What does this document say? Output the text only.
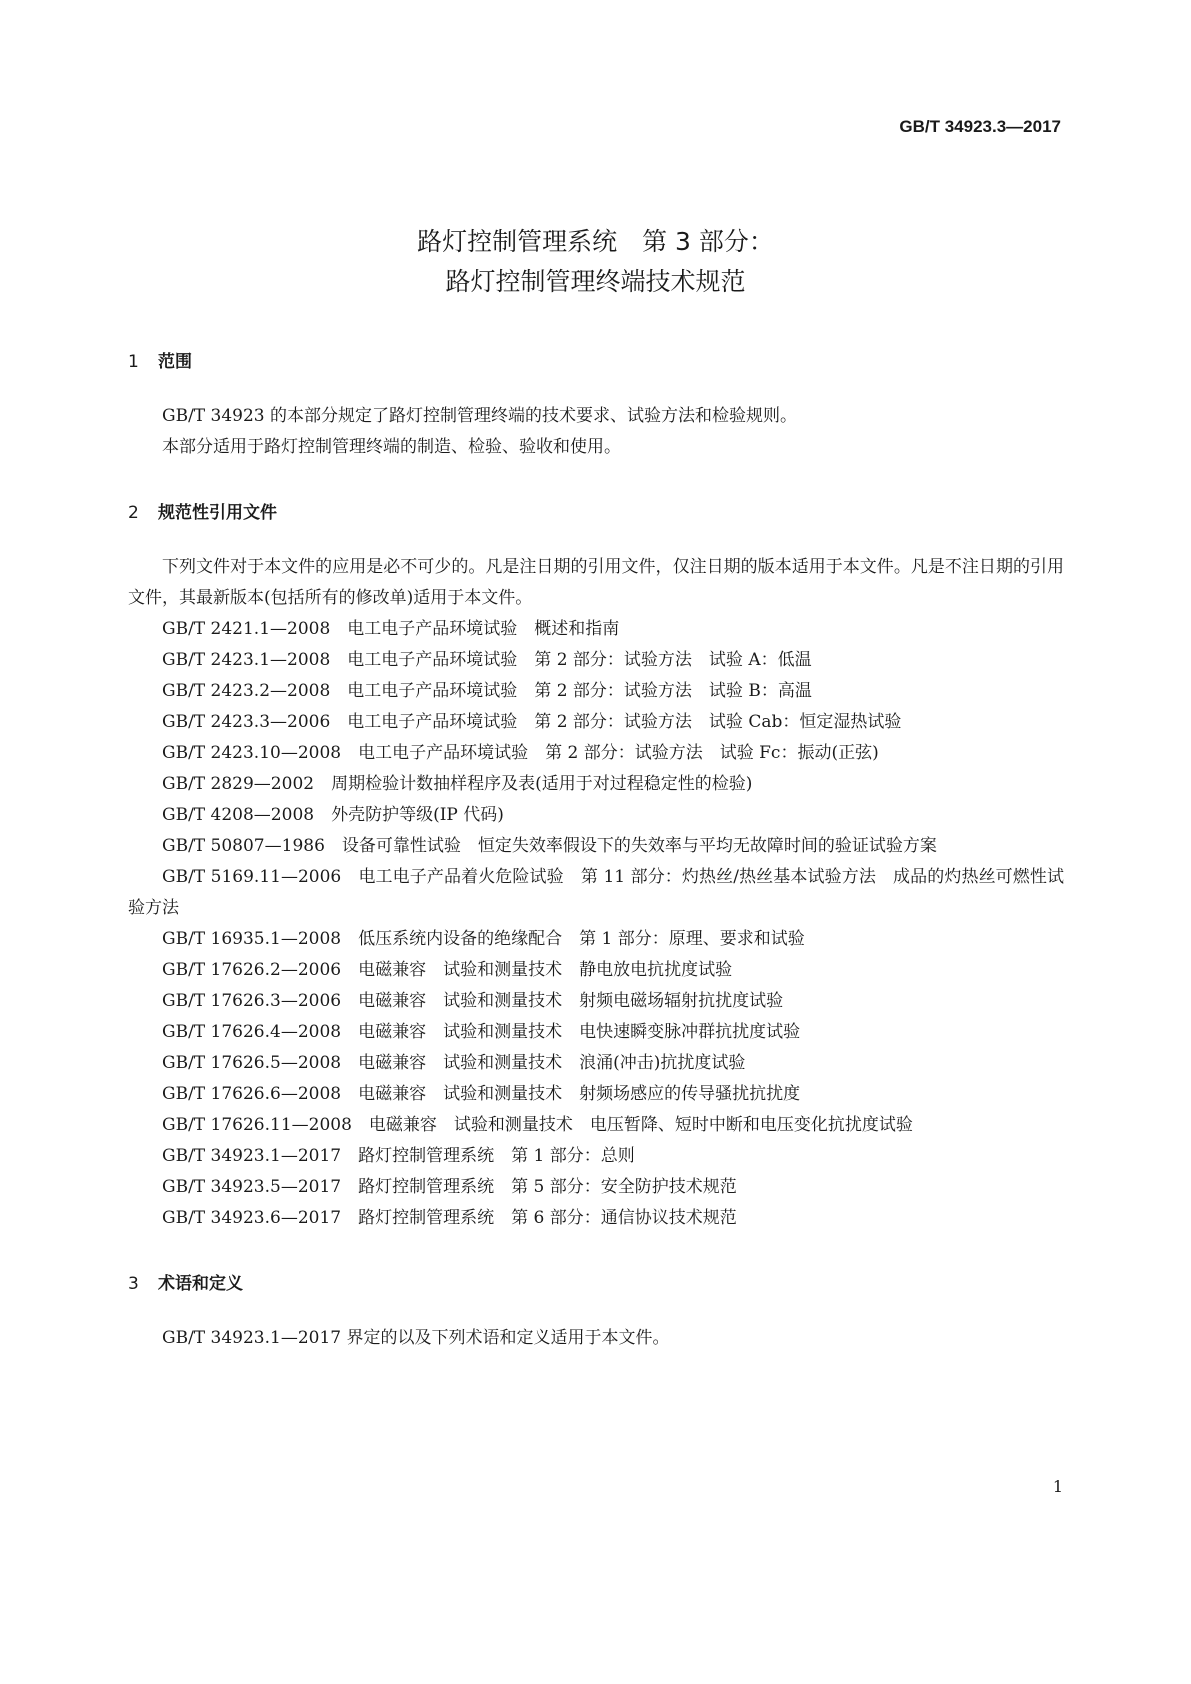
GB/T 34923.3—2017
路灯控制管理系统　第 3 部分：
路灯控制管理终端技术规范
1 范围
GB/T 34923 的本部分规定了路灯控制管理终端的技术要求、试验方法和检验规则。
本部分适用于路灯控制管理终端的制造、检验、验收和使用。
2 规范性引用文件
下列文件对于本文件的应用是必不可少的。凡是注日期的引用文件，仅注日期的版本适用于本文件。凡是不注日期的引用文件，其最新版本(包括所有的修改单)适用于本文件。
GB/T 2421.1—2008　 电工电子产品环境试验　概述和指南
GB/T 2423.1—2008　 电工电子产品环境试验　第 2 部分：试验方法　试验 A：低温
GB/T 2423.2—2008　 电工电子产品环境试验　第 2 部分：试验方法　试验 B：高温
GB/T 2423.3—2006　 电工电子产品环境试验　第 2 部分：试验方法　试验 Cab：恒定湿热试验
GB/T 2423.10—2008　 电工电子产品环境试验　第 2 部分：试验方法　试验 Fc：振动(正弦)
GB/T 2829—2002　 周期检验计数抽样程序及表(适用于对过程稳定性的检验)
GB/T 4208—2008　 外壳防护等级(IP 代码)
GB/T 50807—1986　 设备可靠性试验　恒定失效率假设下的失效率与平均无故障时间的验证试验方案
GB/T 5169.11—2006　 电工电子产品着火危险试验　第 11 部分：灼热丝/热丝基本试验方法　成品的灼热丝可燃性试验方法
GB/T 16935.1—2008　 低压系统内设备的绝缘配合　第 1 部分：原理、要求和试验
GB/T 17626.2—2006　 电磁兼容　试验和测量技术　静电放电抗扰度试验
GB/T 17626.3—2006　 电磁兼容　试验和测量技术　射频电磁场辐射抗扰度试验
GB/T 17626.4—2008　 电磁兼容　试验和测量技术　电快速瞬变脉冲群抗扰度试验
GB/T 17626.5—2008　 电磁兼容　试验和测量技术　浪涌(冲击)抗扰度试验
GB/T 17626.6—2008　 电磁兼容　试验和测量技术　射频场感应的传导骚扰抗扰度
GB/T 17626.11—2008　 电磁兼容　试验和测量技术　电压暂降、短时中断和电压变化抗扰度试验
GB/T 34923.1—2017　 路灯控制管理系统　第 1 部分：总则
GB/T 34923.5—2017　 路灯控制管理系统　第 5 部分：安全防护技术规范
GB/T 34923.6—2017　 路灯控制管理系统　第 6 部分：通信协议技术规范
3 术语和定义
GB/T 34923.1—2017 界定的以及下列术语和定义适用于本文件。
1
